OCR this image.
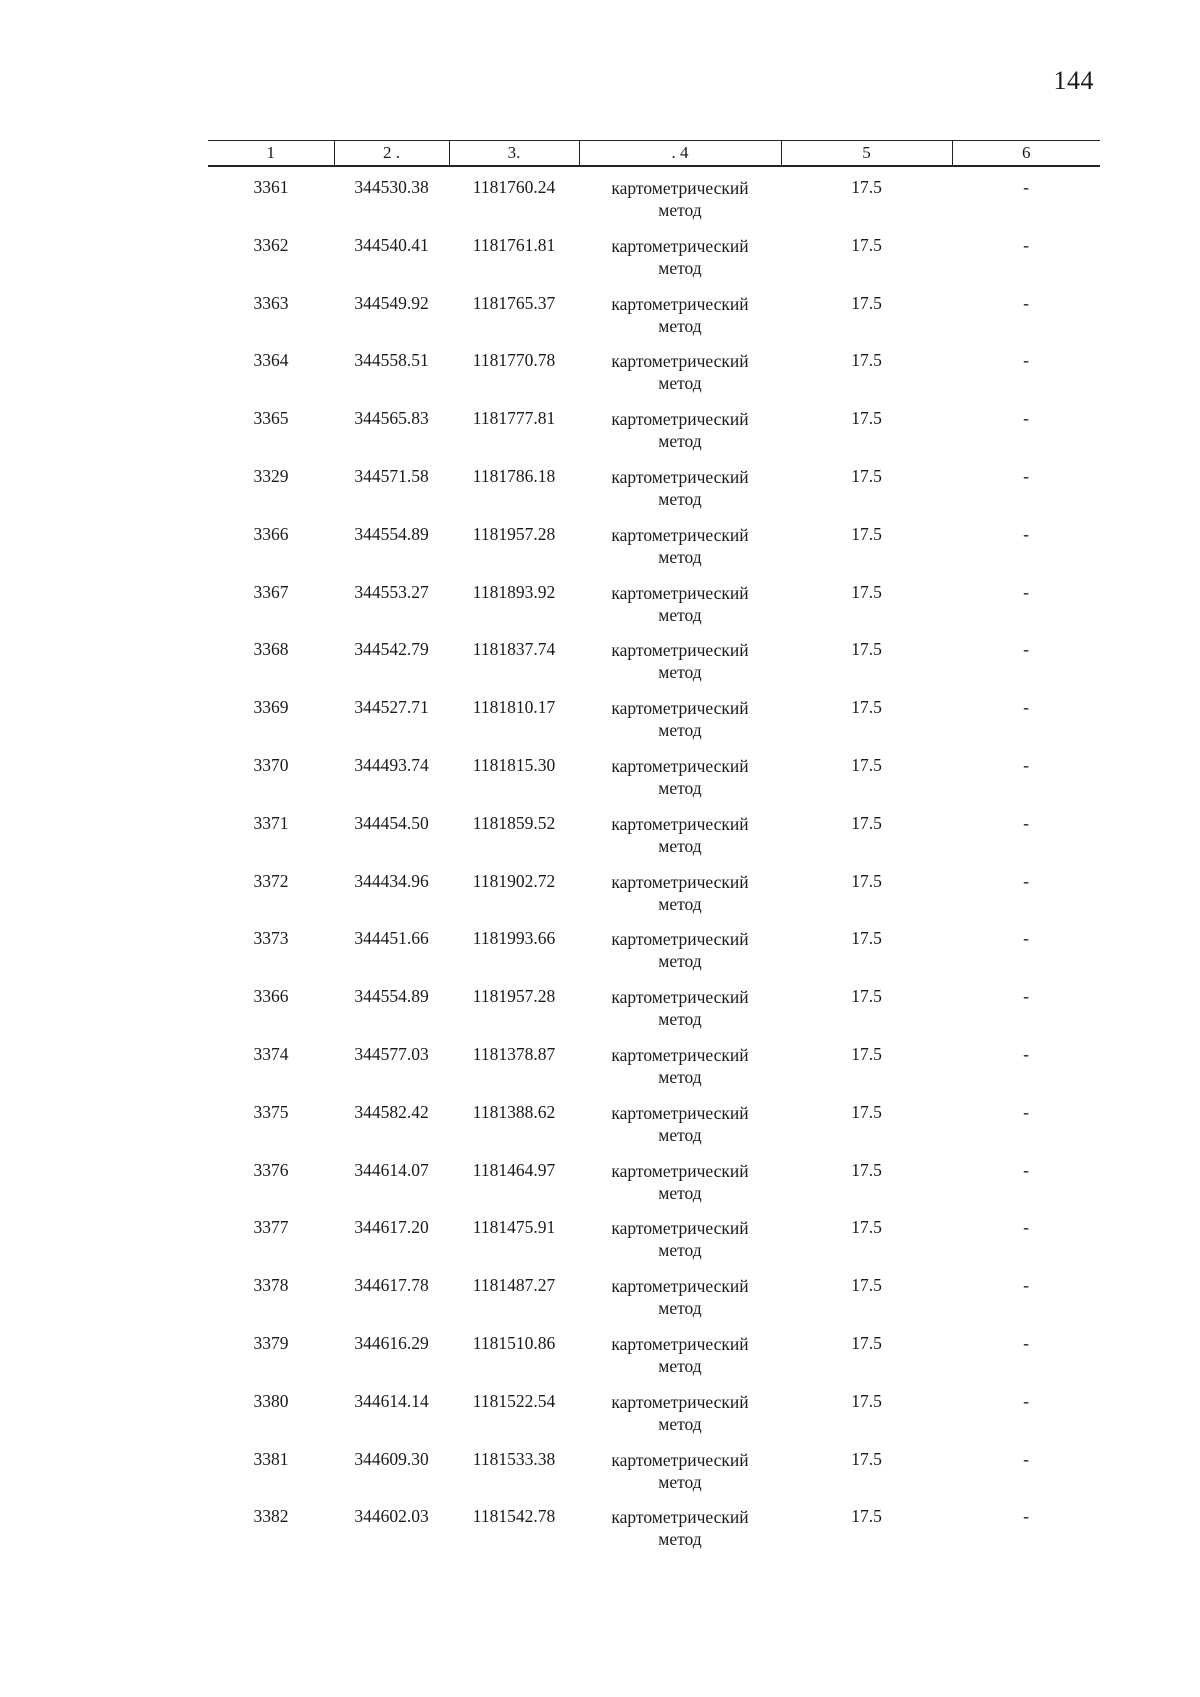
144
1	2 .	3.	. 4	5	6

3361	344530.38	1181760.24	картометрический
метод	17.5	-
3362	344540.41	1181761.81	картометрический
метод	17.5	-
3363	344549.92	1181765.37	картометрический
метод	17.5	-
3364	344558.51	1181770.78	картометрический
метод	17.5	-
3365	344565.83	1181777.81	картометрический
метод	17.5	-
3329	344571.58	1181786.18	картометрический
метод	17.5	-
3366	344554.89	1181957.28	картометрический
метод	17.5	-
3367	344553.27	1181893.92	картометрический
метод	17.5	-
3368	344542.79	1181837.74	картометрический
метод	17.5	-
3369	344527.71	1181810.17	картометрический
метод	17.5	-
3370	344493.74	1181815.30	картометрический
метод	17.5	-
3371	344454.50	1181859.52	картометрический
метод	17.5	-
3372	344434.96	1181902.72	картометрический
метод	17.5	-
3373	344451.66	1181993.66	картометрический
метод	17.5	-
3366	344554.89	1181957.28	картометрический
метод	17.5	-
3374	344577.03	1181378.87	картометрический
метод	17.5	-
3375	344582.42	1181388.62	картометрический
метод	17.5	-
3376	344614.07	1181464.97	картометрический
метод	17.5	-
3377	344617.20	1181475.91	картометрический
метод	17.5	-
3378	344617.78	1181487.27	картометрический
метод	17.5	-
3379	344616.29	1181510.86	картометрический
метод	17.5	-
3380	344614.14	1181522.54	картометрический
метод	17.5	-
3381	344609.30	1181533.38	картометрический
метод	17.5	-
3382	344602.03	1181542.78	картометрический
метод	17.5	-
